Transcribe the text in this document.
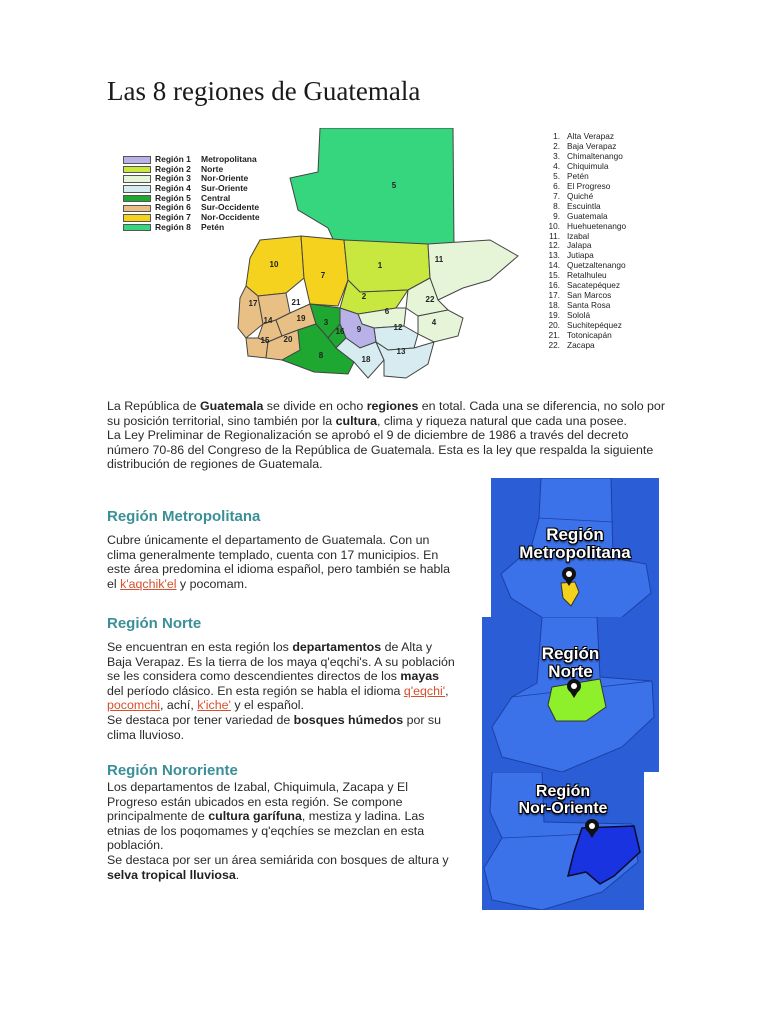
Las 8 regiones de Guatemala
1
2
3	4
5
6
7
8
9
10
11
12
13
14
15
16
17
18
19
20
21	22
Región 1	Metropolitana
Región 2	Norte
Región 3	Nor-Oriente
Región 4	Sur-Oriente
Región 5	Central
Región 6	Sur-Occidente
Región 7	Nor-Occidente
Región 8	Petén
1. Alta Verapaz
2. Baja Verapaz
3. Chimaltenango
4. Chiquimula
5. Petén
6. El Progreso
7. Quiché
8. Escuintla
9. Guatemala
10. Huehuetenango
11. Izabal
12. Jalapa
13. Jutiapa
14. Quetzaltenango
15. Retalhuleu
16. Sacatepéquez
17. San Marcos
18. Santa Rosa
19. Sololá
20. Suchitepéquez
21. Totonicapán
22. Zacapa

La República de Guatemala se divide en ocho regiones en total. Cada una se diferencia, no solo por su posición territorial, sino también por la cultura, clima y riqueza natural que cada una posee.

La Ley Preliminar de Regionalización se aprobó el 9 de diciembre de 1986 a través del decreto número 70-86 del Congreso de la República de Guatemala. Esta es la ley que respalda la siguiente distribución de regiones de Guatemala.

Región Metropolitana

Cubre únicamente el departamento de Guatemala. Con un clima generalmente templado, cuenta con 17 municipios. En este área predomina el idioma español, pero también se habla el k'aqchik'el y pocomam.

Región Norte

Se encuentran en esta región los departamentos de Alta y Baja Verapaz. Es la tierra de los maya q'eqchi's. A su población se les considera como descendientes directos de los mayas del período clásico. En esta región se habla el idioma q'eqchi', pocomchi, achí, k'iche' y el español.

Se destaca por tener variedad de bosques húmedos por su clima lluvioso.

Región Nororiente

Los departamentos de Izabal, Chiquimula, Zacapa y El Progreso están ubicados en esta región. Se compone principalmente de cultura garífuna, mestiza y ladina. Las etnias de los poqomames y q'eqchíes se mezclan en esta población.

Se destaca por ser un área semiárida con bosques de altura y selva tropical lluviosa.

Región
Metropolitana
Región
Norte
Región
Nor-Oriente
